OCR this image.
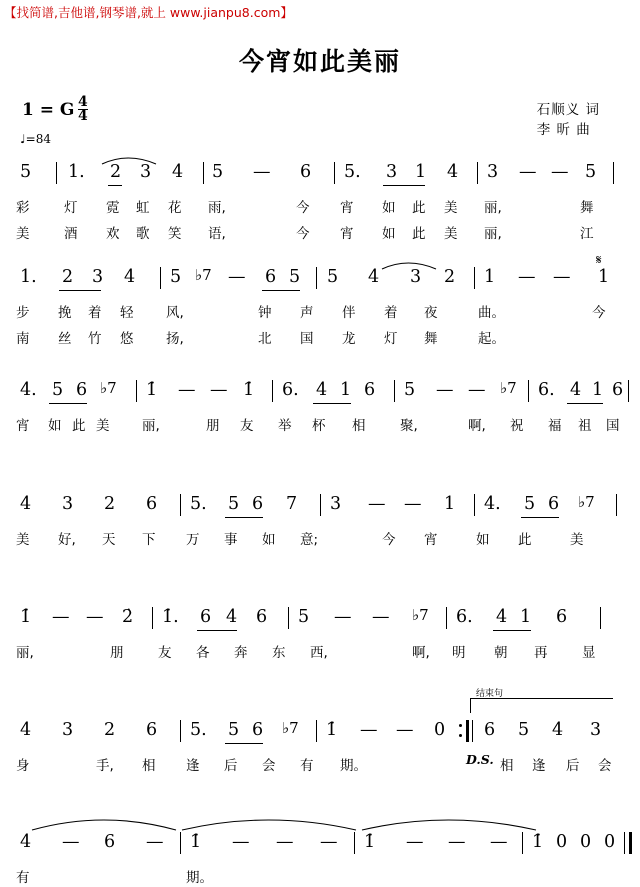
【找简谱,吉他谱,钢琴谱,就上 www.jianpu8.com】
今宵如此美丽
1 = G $\frac{4}{4}$
♩=84
石顺义 词
李 昕 曲
5 1. 2 3 4 5 — 6 5. 3 1 4 3 — — 5
彩	灯 霓 虹 花 雨,	今 宵 如 此 美 丽,	舞
美	酒 欢 歌 笑 语,	今 宵 如 此 美 丽,	江
1. 2 3 4 5 ♭7 — 6 5 5 4 3 2 1 — — 1
𝄋
步 挽 着 轻 风,	钟 声 伴 着 夜	曲。	今
南 丝 竹 悠 扬,	北 国 龙 灯 舞	起。
4. 5 6 ♭7 1̇ — — 1̇ 6. 4 1 6 5 — — ♭7 6. 4 1 6
宵 如 此 美 丽,	朋 友 举 杯 相	聚,	啊, 祝 福 祖 国
4 3 2 6 5. 5 6 7 3 — — 1 4. 5 6 ♭7
美 好, 天 下 万 事 如 意;	今 宵	如 此	美
1̇ — — 2̇ 1̇. 6 4 6 5 — — ♭7 6. 4 1 6
丽,	朋	友 各 奔 东 西,	啊, 明 朝 再	显
结束句
4 3 2 6 5. 5 6 ♭7 1̇ — — 0 6 5 4 3
D.S.
身	手, 相 逢 后 会 有 期。	相 逢 后 会
4 — 6 — 1̇ — — — 1̇ — — — 1̇ 0 0 0
有	期。
